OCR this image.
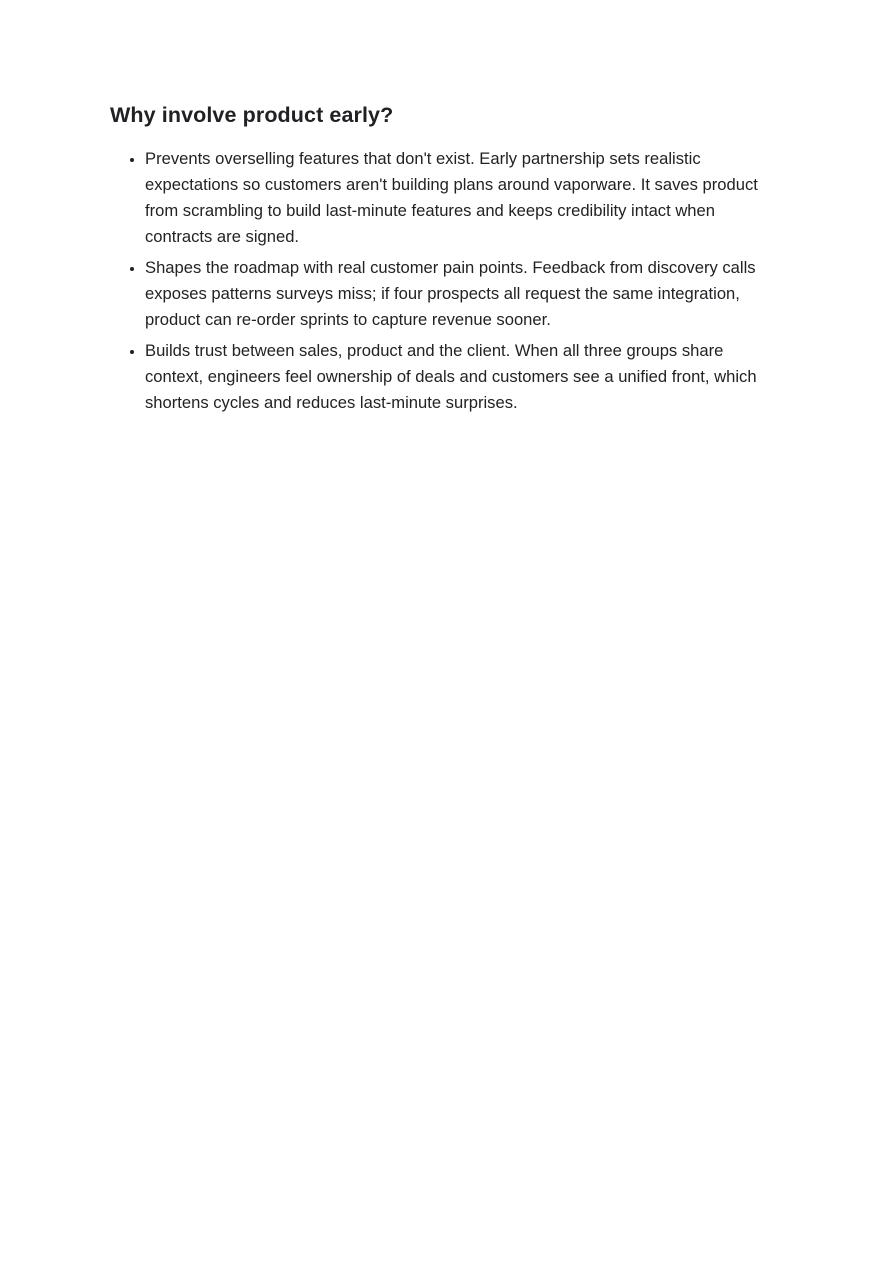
Why involve product early?
• Prevents overselling features that don't exist. Early partnership sets realistic expectations so customers aren't building plans around vaporware. It saves product from scrambling to build last-minute features and keeps credibility intact when contracts are signed.
• Shapes the roadmap with real customer pain points. Feedback from discovery calls exposes patterns surveys miss; if four prospects all request the same integration, product can re-order sprints to capture revenue sooner.
• Builds trust between sales, product and the client. When all three groups share context, engineers feel ownership of deals and customers see a unified front, which shortens cycles and reduces last-minute surprises.
